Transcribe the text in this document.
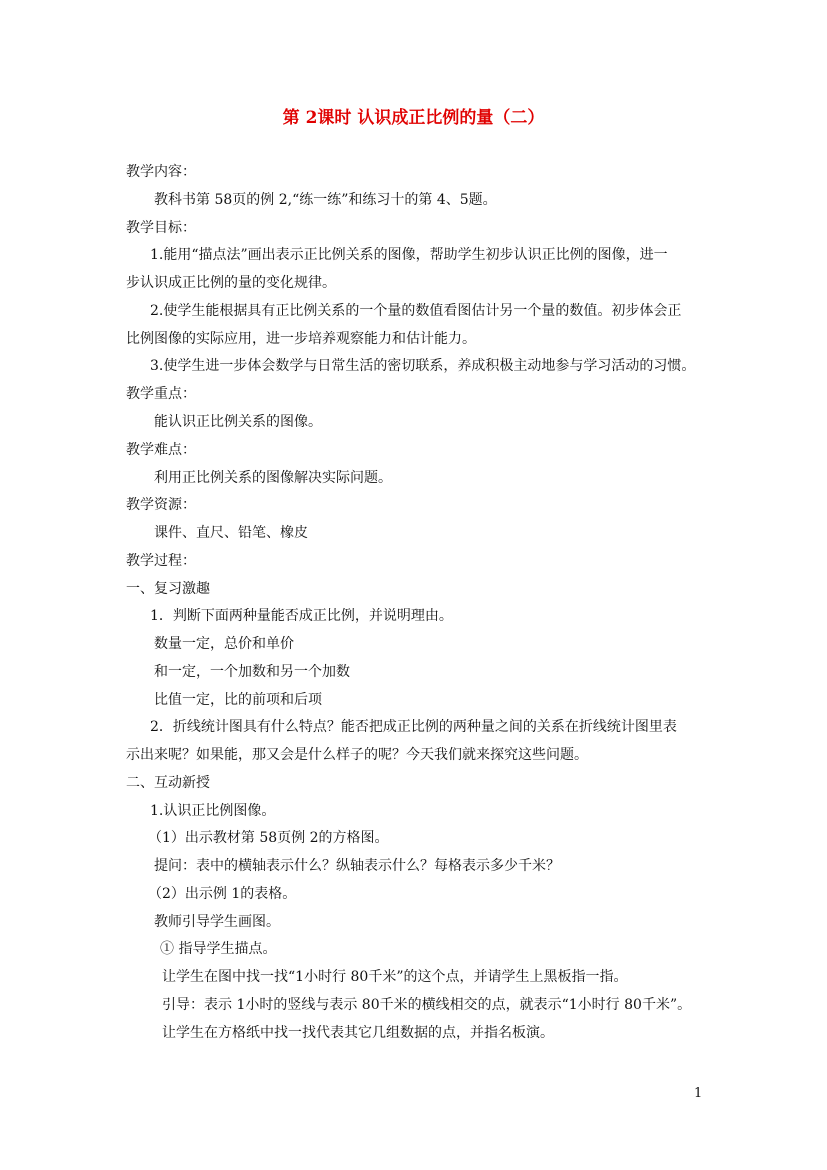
第 2课时 认识成正比例的量（二）
教学内容：
教科书第 58页的例 2,“练一练”和练习十的第 4、5题。
教学目标：
1.能用“描点法”画出表示正比例关系的图像，帮助学生初步认识正比例的图像，进一
步认识成正比例的量的变化规律。
2.使学生能根据具有正比例关系的一个量的数值看图估计另一个量的数值。初步体会正
比例图像的实际应用，进一步培养观察能力和估计能力。
3.使学生进一步体会数学与日常生活的密切联系，养成积极主动地参与学习活动的习惯。
教学重点：
能认识正比例关系的图像。
教学难点：
利用正比例关系的图像解决实际问题。
教学资源：
课件、直尺、铅笔、橡皮
教学过程：
一、复习激趣
1．判断下面两种量能否成正比例，并说明理由。
数量一定，总价和单价
和一定，一个加数和另一个加数
比值一定，比的前项和后项
2．折线统计图具有什么特点？能否把成正比例的两种量之间的关系在折线统计图里表
示出来呢？如果能，那又会是什么样子的呢？今天我们就来探究这些问题。
二、互动新授
1.认识正比例图像。
（1）出示教材第 58页例 2的方格图。
提问：表中的横轴表示什么？纵轴表示什么？每格表示多少千米？
（2）出示例 1的表格。
教师引导学生画图。
① 指导学生描点。
让学生在图中找一找“1小时行 80千米”的这个点，并请学生上黑板指一指。
引导：表示 1小时的竖线与表示 80千米的横线相交的点，就表示“1小时行 80千米”。
让学生在方格纸中找一找代表其它几组数据的点，并指名板演。
1
